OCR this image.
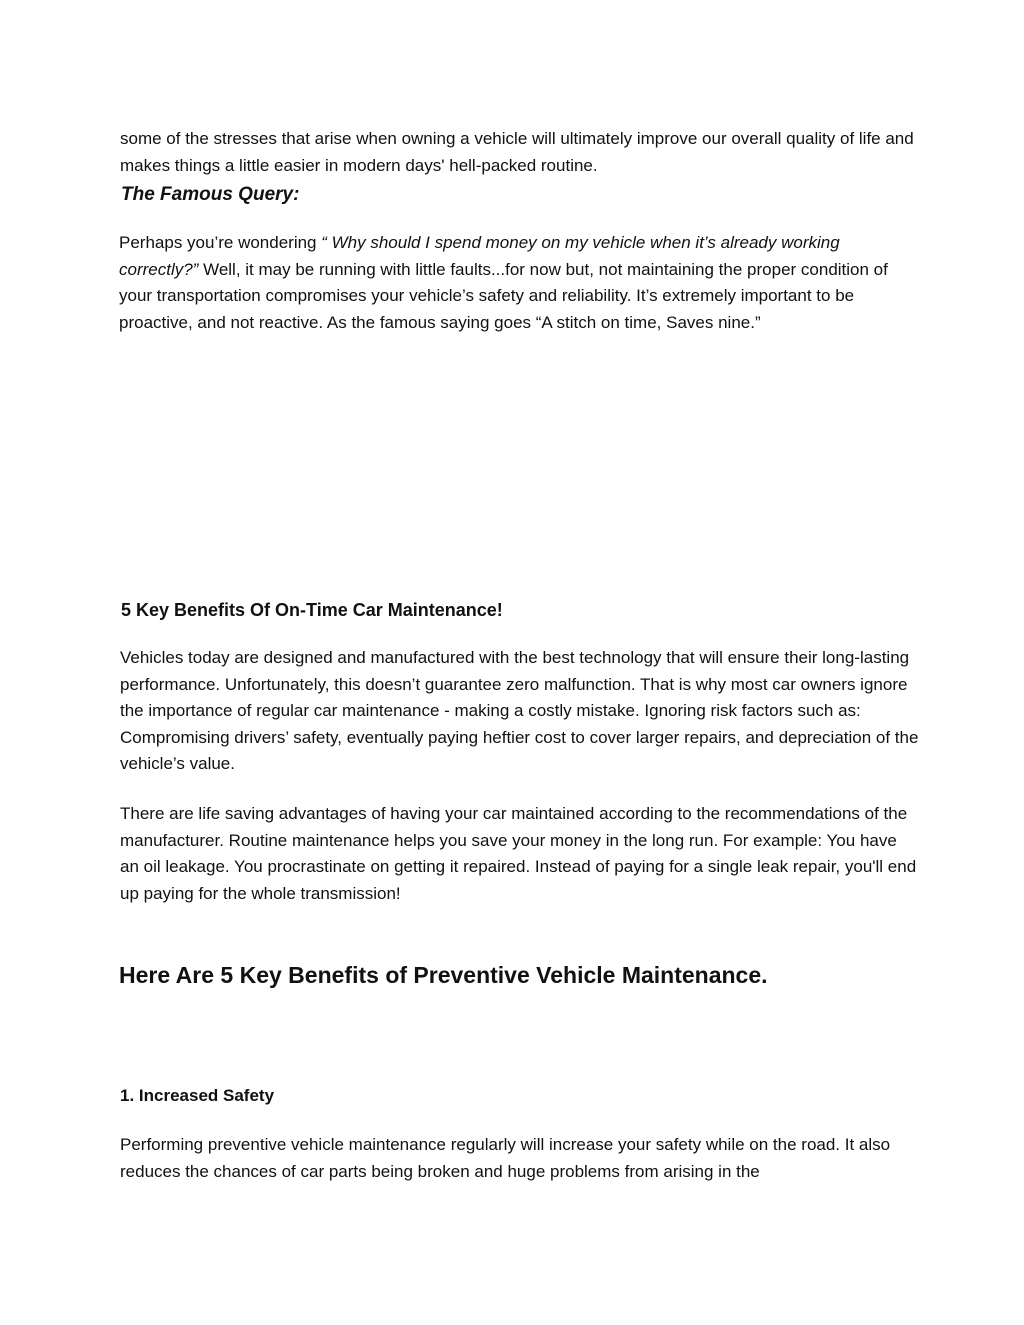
some of the stresses that arise when owning a vehicle will ultimately improve our overall quality of life and makes things a little easier in modern days' hell-packed routine.

The Famous Query:

Perhaps you’re wondering “ Why should I spend money on my vehicle when it’s already working correctly?” Well, it may be running with little faults...for now but, not maintaining the proper condition of your transportation compromises your vehicle’s safety and reliability. It’s extremely important to be proactive, and not reactive. As the famous saying goes “A stitch on time, Saves nine.”

5 Key Benefits Of On-Time Car Maintenance!

Vehicles today are designed and manufactured with the best technology that will ensure their long-lasting performance. Unfortunately, this doesn’t guarantee zero malfunction. That is why most car owners ignore the importance of regular car maintenance - making a costly mistake. Ignoring risk factors such as: Compromising drivers’ safety, eventually paying heftier cost to cover larger repairs, and depreciation of the vehicle’s value.

There are life saving advantages of having your car maintained according to the recommendations of the manufacturer. Routine maintenance helps you save your money in the long run. For example: You have an oil leakage. You procrastinate on getting it repaired. Instead of paying for a single leak repair, you'll end up paying for the whole transmission!

Here Are 5 Key Benefits of Preventive Vehicle Maintenance.
1. Increased Safety

Performing preventive vehicle maintenance regularly will increase your safety while on the road. It also reduces the chances of car parts being broken and huge problems from arising in the
